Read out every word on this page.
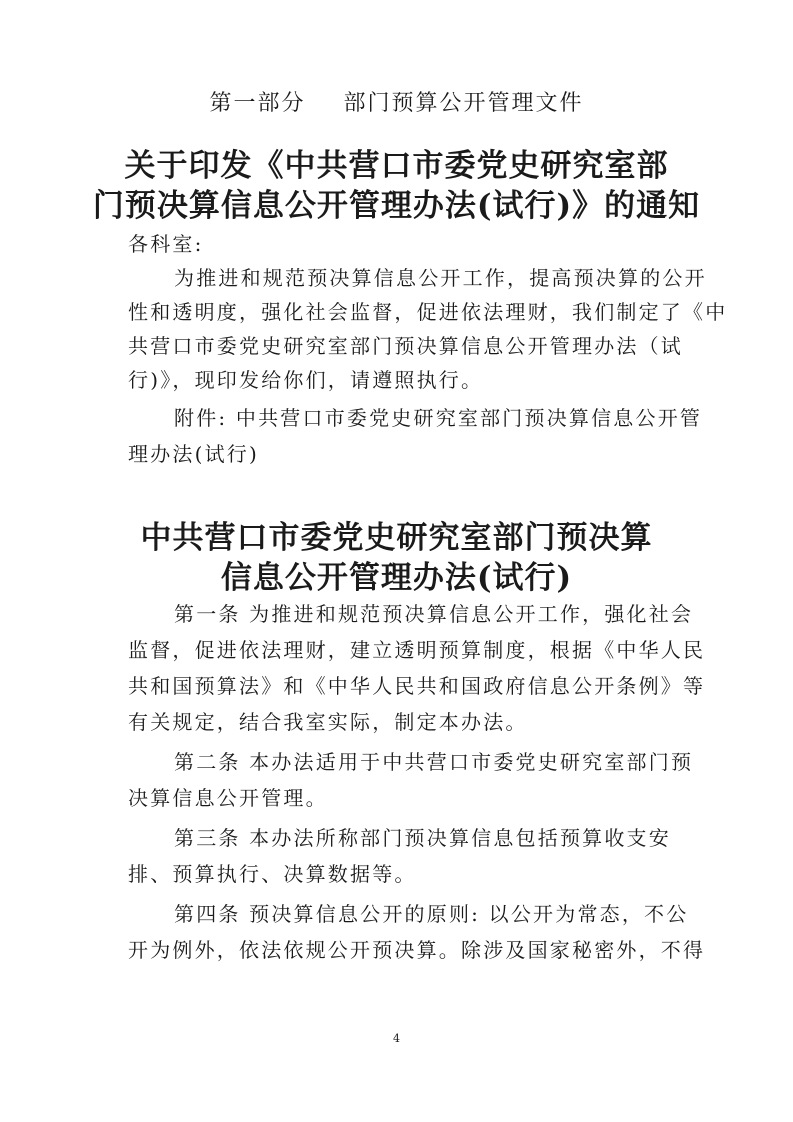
第一部分 部门预算公开管理文件
关于印发《中共营口市委党史研究室部
门预决算信息公开管理办法(试行)》的通知
各科室:
为推进和规范预决算信息公开工作，提高预决算的公开
性和透明度，强化社会监督，促进依法理财，我们制定了《中
共营口市委党史研究室部门预决算信息公开管理办法（试
行)》，现印发给你们，请遵照执行。
附件: 中共营口市委党史研究室部门预决算信息公开管
理办法(试行)
中共营口市委党史研究室部门预决算
信息公开管理办法(试行)
第一条 为推进和规范预决算信息公开工作，强化社会
监督，促进依法理财，建立透明预算制度，根据《中华人民
共和国预算法》和《中华人民共和国政府信息公开条例》等
有关规定，结合我室实际，制定本办法。
第二条 本办法适用于中共营口市委党史研究室部门预
决算信息公开管理。
第三条 本办法所称部门预决算信息包括预算收支安
排、预算执行、决算数据等。
第四条 预决算信息公开的原则: 以公开为常态，不公
开为例外，依法依规公开预决算。除涉及国家秘密外，不得
4
